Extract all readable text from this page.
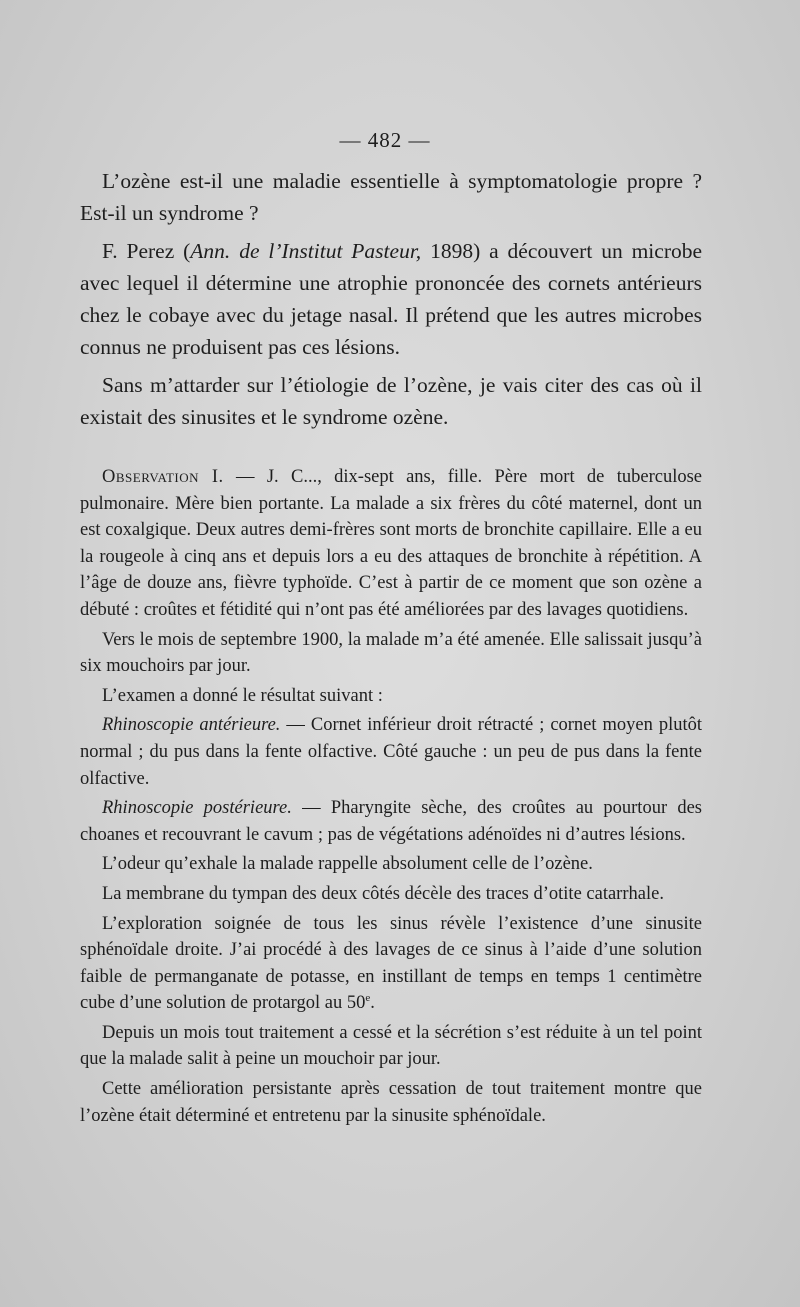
— 482 —

L’ozène est-il une maladie essentielle à symptomatologie propre ? Est-il un syndrome ?

F. Perez (Ann. de l’Institut Pasteur, 1898) a découvert un microbe avec lequel il détermine une atrophie prononcée des cornets antérieurs chez le cobaye avec du jetage nasal. Il prétend que les autres microbes connus ne produisent pas ces lésions.

Sans m’attarder sur l’étiologie de l’ozène, je vais citer des cas où il existait des sinusites et le syndrome ozène.

Observation I. — J. C..., dix-sept ans, fille. Père mort de tuberculose pulmonaire. Mère bien portante. La malade a six frères du côté maternel, dont un est coxalgique. Deux autres demi-frères sont morts de bronchite capillaire. Elle a eu la rougeole à cinq ans et depuis lors a eu des attaques de bronchite à répétition. A l’âge de douze ans, fièvre typhoïde. C’est à partir de ce moment que son ozène a débuté : croûtes et fétidité qui n’ont pas été améliorées par des lavages quotidiens.

Vers le mois de septembre 1900, la malade m’a été amenée. Elle salissait jusqu’à six mouchoirs par jour.

L’examen a donné le résultat suivant :

Rhinoscopie antérieure. — Cornet inférieur droit rétracté ; cornet moyen plutôt normal ; du pus dans la fente olfactive. Côté gauche : un peu de pus dans la fente olfactive.

Rhinoscopie postérieure. — Pharyngite sèche, des croûtes au pourtour des choanes et recouvrant le cavum ; pas de végétations adénoïdes ni d’autres lésions.

L’odeur qu’exhale la malade rappelle absolument celle de l’ozène.

La membrane du tympan des deux côtés décèle des traces d’otite catarrhale.

L’exploration soignée de tous les sinus révèle l’existence d’une sinusite sphénoïdale droite. J’ai procédé à des lavages de ce sinus à l’aide d’une solution faible de permanganate de potasse, en instillant de temps en temps 1 centimètre cube d’une solution de protargol au 50e.

Depuis un mois tout traitement a cessé et la sécrétion s’est réduite à un tel point que la malade salit à peine un mouchoir par jour.

Cette amélioration persistante après cessation de tout traitement montre que l’ozène était déterminé et entretenu par la sinusite sphénoïdale.
